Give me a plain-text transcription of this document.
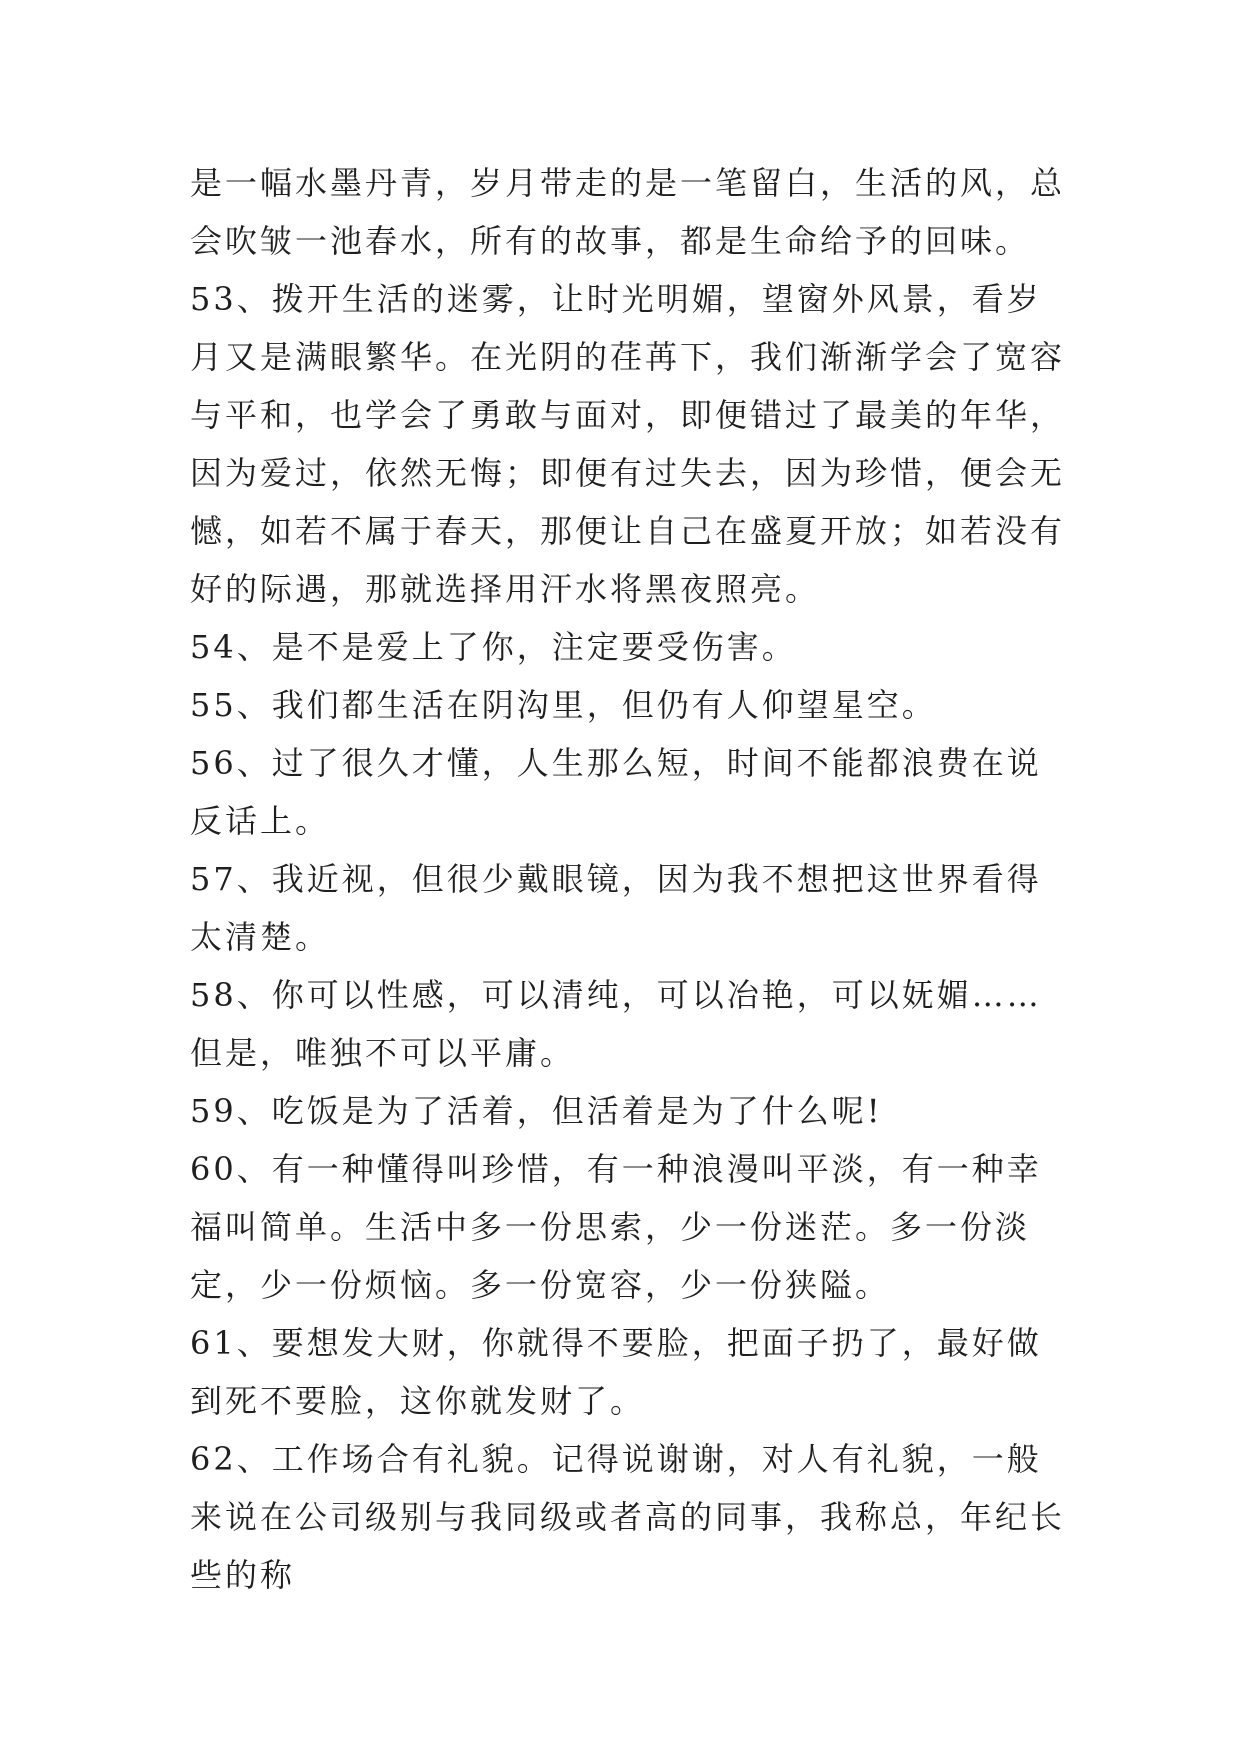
是一幅水墨丹青，岁月带走的是一笔留白，生活的风，总会吹皱一池春水，所有的故事，都是生命给予的回味。

53、拨开生活的迷雾，让时光明媚，望窗外风景，看岁月又是满眼繁华。在光阴的荏苒下，我们渐渐学会了宽容与平和，也学会了勇敢与面对，即便错过了最美的年华，因为爱过，依然无悔；即便有过失去，因为珍惜，便会无憾，如若不属于春天，那便让自己在盛夏开放；如若没有好的际遇，那就选择用汗水将黑夜照亮。

54、是不是爱上了你，注定要受伤害。

55、我们都生活在阴沟里，但仍有人仰望星空。

56、过了很久才懂，人生那么短，时间不能都浪费在说反话上。

57、我近视，但很少戴眼镜，因为我不想把这世界看得太清楚。

58、你可以性感，可以清纯，可以冶艳，可以妩媚……但是，唯独不可以平庸。

59、吃饭是为了活着，但活着是为了什么呢!

60、有一种懂得叫珍惜，有一种浪漫叫平淡，有一种幸福叫简单。生活中多一份思索，少一份迷茫。多一份淡定，少一份烦恼。多一份宽容，少一份狭隘。

61、要想发大财，你就得不要脸，把面子扔了，最好做到死不要脸，这你就发财了。

62、工作场合有礼貌。记得说谢谢，对人有礼貌，一般来说在公司级别与我同级或者高的同事，我称总，年纪长些的称
